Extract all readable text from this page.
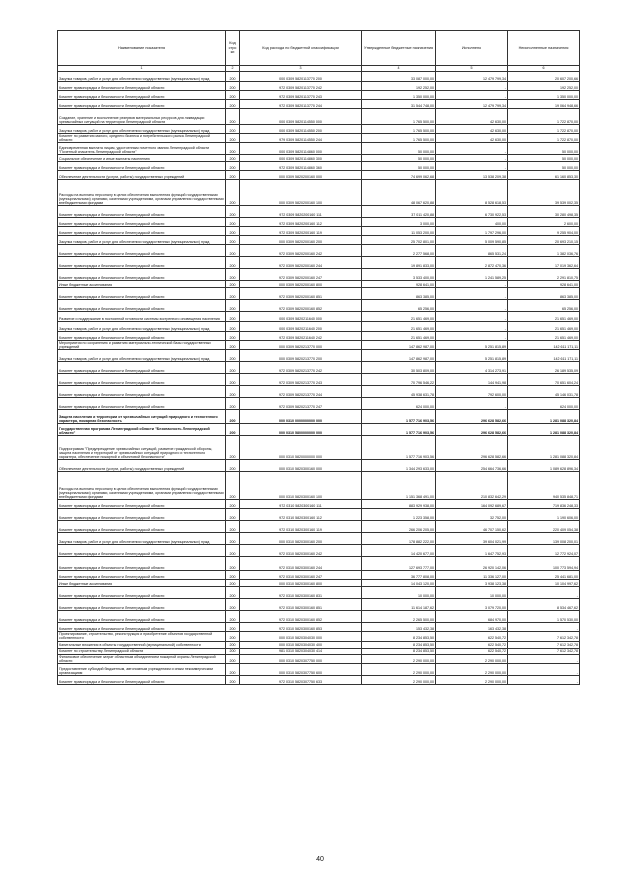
Наименование показателя	Код стро ки	Код расхода по бюджетной классификации	Утвержденные бюджетные назначения	Исполнено	Неисполненные назначения
1	2	3	4	5	6
Закупка товаров, работ и услуг для обеспечения государственных (муниципальных) нужд	200	000 0309 5820113770 200	33 087 000,00	12 479 799,34	20 607 200,66
Комитет правопорядка и безопасности Ленинградской области	200	972 0309 5820113770 242	192 252,00	-	192 252,00
Комитет правопорядка и безопасности Ленинградской области	200	972 0309 5820113770 243	1 350 000,00	-	1 350 000,00
Комитет правопорядка и безопасности Ленинградской области	200	972 0309 5820113770 244	31 544 748,00	12 479 799,34	19 064 948,66
Создание, хранение и восполнение резервов материальных ресурсов для ликвидации чрезвычайных ситуаций на территории Ленинградской области	200	000 0309 5820114550 000	1 765 500,00	42 630,00	1 722 870,00
Закупка товаров, работ и услуг для обеспечения государственных (муниципальных) нужд	200	000 0309 5820114550 200	1 765 500,00	42 630,00	1 722 870,00
Комитет по развитию малого, среднего бизнеса и потребительского рынка Ленинградской области	200	979 0309 5820114550 244	1 765 500,00	42 630,00	1 722 870,00
Единовременная выплата лицам, удостоенным почетного звания Ленинградской области "Почетный спасатель Ленинградской области"	200	000 0309 5820114860 000	50 000,00	-	50 000,00
Социальное обеспечение и иные выплаты населению	200	000 0309 5820114860 300	50 000,00	-	50 000,00
Комитет правопорядка и безопасности Ленинградской области	200	972 0309 5820114860 360	50 000,00	-	50 000,00
Обеспечение деятельности (услуги, работы) государственных учреждений	200	000 0309 5820200160 000	74 699 062,68	13 538 209,38	61 160 853,30
Расходы на выплаты персоналу в целях обеспечения выполнения функций государственными (муниципальными) органами, казенными учреждениями, органами управления государственными внебюджетными фондами	200	000 0309 5820200160 100	48 067 620,88	8 528 618,53	39 539 002,35
Комитет правопорядка и безопасности Ленинградской области	200	972 0309 5820200160 111	37 011 420,88	6 730 922,53	30 280 498,35
Комитет правопорядка и безопасности Ленинградской области	200	972 0309 5820200160 112	3 000,00	400,00	2 600,00
Комитет правопорядка и безопасности Ленинградской области	200	972 0309 5820200160 119	11 053 200,00	1 797 296,00	9 255 904,00
Закупка товаров, работ и услуг для обеспечения государственных (муниципальных) нужд	200	000 0309 5820200160 200	25 702 801,00	5 009 590,85	20 693 210,15
Комитет правопорядка и безопасности Ленинградской области	200	972 0309 5820200160 242	2 277 568,00	865 531,24	1 382 036,76
Комитет правопорядка и безопасности Ленинградской области	200	972 0309 5820200160 244	19 891 833,00	2 872 470,36	17 019 362,64
Комитет правопорядка и безопасности Ленинградской области	200	972 0309 5820200160 247	3 533 400,00	1 241 589,25	2 291 810,75
Иные бюджетные ассигнования	200	000 0309 5820200160 800	928 641,00	-	928 641,00
Комитет правопорядка и безопасности Ленинградской области	200	972 0309 5820200160 851	863 385,00	-	863 385,00
Комитет правопорядка и безопасности Ленинградской области	200	972 0309 5820200160 852	65 256,00	-	65 256,00
Развитие и поддержание в постоянной готовности системы экстренного оповещения населения	200	000 0309 5820211640 000	21 651 469,00	-	21 651 469,00
Закупка товаров, работ и услуг для обеспечения государственных (муниципальных) нужд	200	000 0309 5820211640 200	21 651 469,00	-	21 651 469,00
Комитет правопорядка и безопасности Ленинградской области	200	972 0309 5820211640 242	21 651 469,00	-	21 651 469,00
Мероприятия по сохранению и развитию материально-технической базы государственных учреждений	200	000 0309 5820213770 000	147 862 987,00	5 251 815,89	142 611 171,11
Закупка товаров, работ и услуг для обеспечения государственных (муниципальных) нужд	200	000 0309 5820213770 200	147 862 987,00	5 251 815,89	142 611 171,11
Комитет правопорядка и безопасности Ленинградской области	200	972 0309 5820213770 242	30 503 809,00	4 314 273,91	26 189 535,09
Комитет правопорядка и безопасности Ленинградской области	200	972 0309 5820213770 243	70 796 546,22	144 941,98	70 651 604,24
Комитет правопорядка и безопасности Ленинградской области	200	972 0309 5820213770 244	45 938 631,78	792 600,00	45 146 031,78
Комитет правопорядка и безопасности Ленинградской области	200	972 0309 5820213770 247	624 000,00	-	624 000,00
Защита населения и территории от чрезвычайных ситуаций природного и техногенного характера, пожарная безопасность	200	000 0310 0000000000 000	1 577 716 903,56	296 628 582,66	1 281 088 320,84
Государственная программа Ленинградской области "Безопасность Ленинградской области"	200	000 0310 5800000000 000	1 577 716 903,56	296 628 582,66	1 281 088 320,84
Подпрограмма "Предупреждение чрезвычайных ситуаций, развитие гражданской обороны, защита населения и территорий от чрезвычайных ситуаций природного и техногенного характера, обеспечение пожарной и объектовой безопасности"	200	000 0310 5820000000 000	1 577 716 903,56	296 628 582,66	1 281 088 320,84
Обеспечение деятельности (услуги, работы) государственных учреждений	200	000 0310 5820300160 000	1 344 293 633,00	254 664 736,66	1 089 628 896,34
Расходы на выплаты персоналу в целях обеспечения выполнения функций государственными (муниципальными) органами, казенными учреждениями, органами управления государственными внебюджетными фондами	200	000 0310 5820300160 100	1 151 368 491,00	210 832 642,29	940 535 848,71
Комитет правопорядка и безопасности Ленинградской области	200	972 0310 5820300160 111	883 929 938,00	164 092 689,67	719 836 248,33
Комитет правопорядка и безопасности Ленинградской области	200	972 0310 5820300160 112	1 223 358,00	32 752,00	1 190 606,00
Комитет правопорядка и безопасности Ленинградской области	200	972 0310 5820300160 119	266 206 205,00	46 707 150,62	220 409 054,38
Закупка товаров, работ и услуг для обеспечения государственных (муниципальных) нужд	200	000 0310 5820300160 200	178 882 222,00	39 604 021,99	139 008 200,01
Комитет правопорядка и безопасности Ленинградской области	200	972 0310 5820300160 242	14 420 677,00	1 647 752,93	12 772 924,07
Комитет правопорядка и безопасности Ленинградской области	200	972 0310 5820300160 244	127 693 777,00	26 920 142,06	100 773 594,94
Комитет правопорядка и безопасности Ленинградской области	200	972 0310 5820300160 247	36 777 808,00	11 336 127,00	25 441 681,00
Иные бюджетные ассигнования	200	000 0310 5820300160 800	14 043 120,00	3 938 123,38	10 104 997,62
Комитет правопорядка и безопасности Ленинградской области	200	972 0310 5820300160 831	10 000,00	10 000,00	-
Комитет правопорядка и безопасности Ленинградской области	200	972 0310 5820300160 851	11 614 187,62	3 079 720,00	8 534 467,62
Комитет правопорядка и безопасности Ленинградской области	200	972 0310 5820300160 852	2 265 500,00	684 970,00	1 570 530,00
Комитет правопорядка и безопасности Ленинградской области	200	972 0310 5820300160 853	153 432,38	163 432,38	-
Проектирование, строительство, реконструкция и приобретение объектов государственной собственности	200	000 0310 5820304030 000	8 234 853,50	622 540,72	7 612 342,78
Капитальные вложения в объекты государственной (муниципальной) собственности	200	000 0310 5820304030 400	8 234 853,50	622 540,72	7 612 342,78
Комитет по строительству Ленинградской области	200	981 0310 5820304030 414	8 234 853,50	622 540,72	7 612 342,78
Финансовое обеспечение затрат областным объединением пожарной охраны Ленинградской области	200	000 0310 5820307750 000	2 290 000,00	2 290 000,00	-
Предоставление субсидий бюджетным, автономным учреждениям и иным некоммерческим организациям	200	000 0310 5820307750 600	2 290 000,00	2 290 000,00	-
Комитет правопорядка и безопасности Ленинградской области	200	972 0310 5820307750 633	2 290 000,00	2 290 000,00	-
40
